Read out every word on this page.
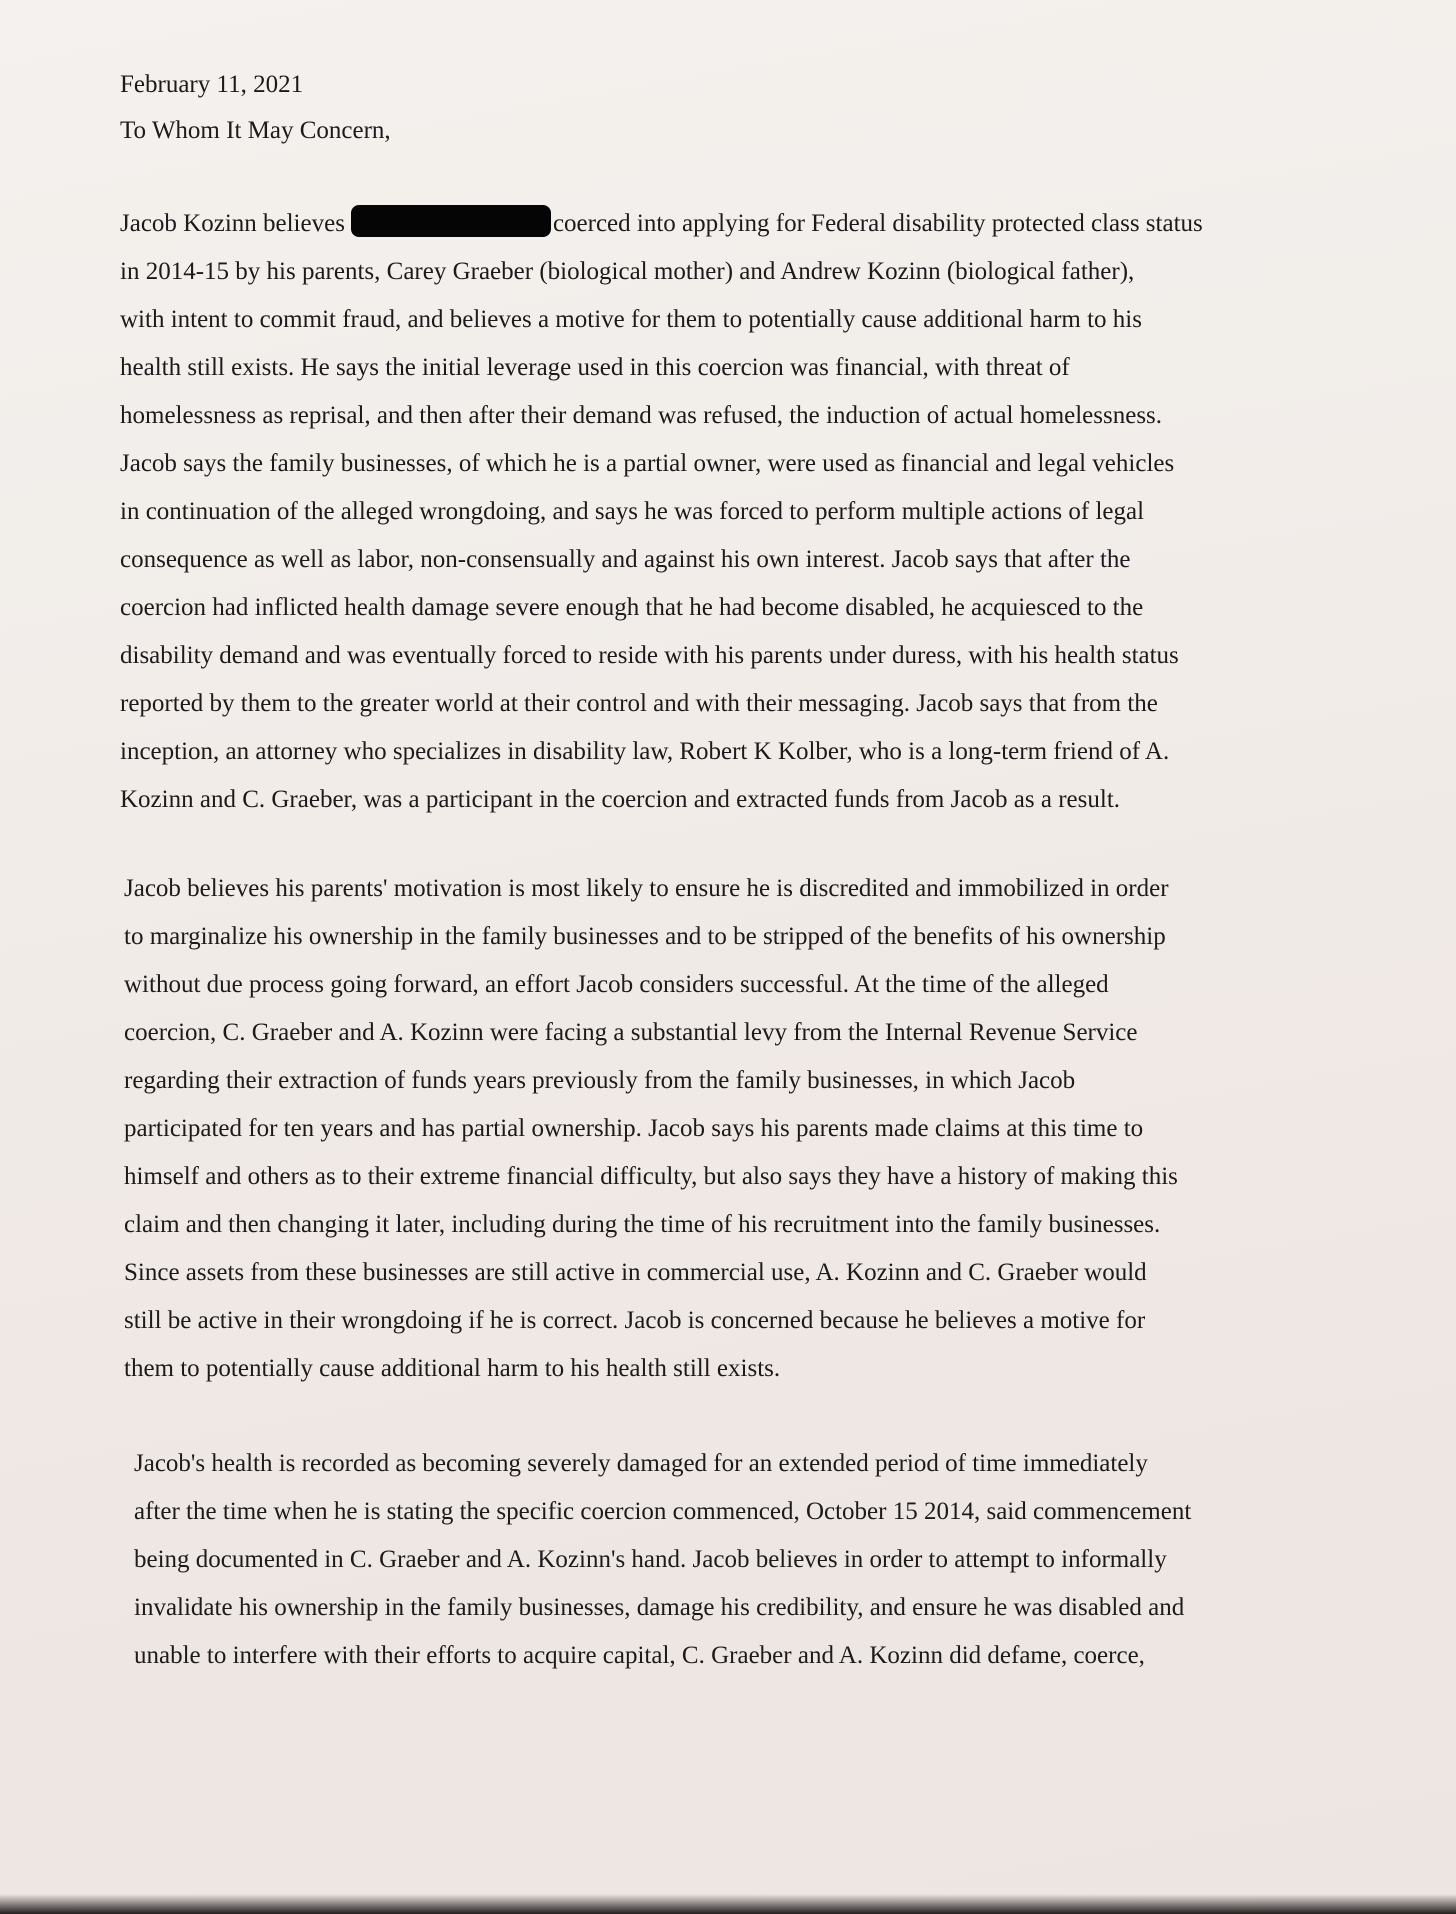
February 11, 2021
To Whom It May Concern,
Jacob Kozinn believes	coerced into applying for Federal disability protected class status
in 2014-15 by his parents, Carey Graeber (biological mother) and Andrew Kozinn (biological father),
with intent to commit fraud, and believes a motive for them to potentially cause additional harm to his
health still exists. He says the initial leverage used in this coercion was financial, with threat of
homelessness as reprisal, and then after their demand was refused, the induction of actual homelessness.
Jacob says the family businesses, of which he is a partial owner, were used as financial and legal vehicles
in continuation of the alleged wrongdoing, and says he was forced to perform multiple actions of legal
consequence as well as labor, non-consensually and against his own interest. Jacob says that after the
coercion had inflicted health damage severe enough that he had become disabled, he acquiesced to the
disability demand and was eventually forced to reside with his parents under duress, with his health status
reported by them to the greater world at their control and with their messaging. Jacob says that from the
inception, an attorney who specializes in disability law, Robert K Kolber, who is a long-term friend of A.
Kozinn and C. Graeber, was a participant in the coercion and extracted funds from Jacob as a result.
Jacob believes his parents' motivation is most likely to ensure he is discredited and immobilized in order
to marginalize his ownership in the family businesses and to be stripped of the benefits of his ownership
without due process going forward, an effort Jacob considers successful. At the time of the alleged
coercion, C. Graeber and A. Kozinn were facing a substantial levy from the Internal Revenue Service
regarding their extraction of funds years previously from the family businesses, in which Jacob
participated for ten years and has partial ownership. Jacob says his parents made claims at this time to
himself and others as to their extreme financial difficulty, but also says they have a history of making this
claim and then changing it later, including during the time of his recruitment into the family businesses.
Since assets from these businesses are still active in commercial use, A. Kozinn and C. Graeber would
still be active in their wrongdoing if he is correct. Jacob is concerned because he believes a motive for
them to potentially cause additional harm to his health still exists.
Jacob's health is recorded as becoming severely damaged for an extended period of time immediately
after the time when he is stating the specific coercion commenced, October 15 2014, said commencement
being documented in C. Graeber and A. Kozinn's hand. Jacob believes in order to attempt to informally
invalidate his ownership in the family businesses, damage his credibility, and ensure he was disabled and
unable to interfere with their efforts to acquire capital, C. Graeber and A. Kozinn did defame, coerce,
